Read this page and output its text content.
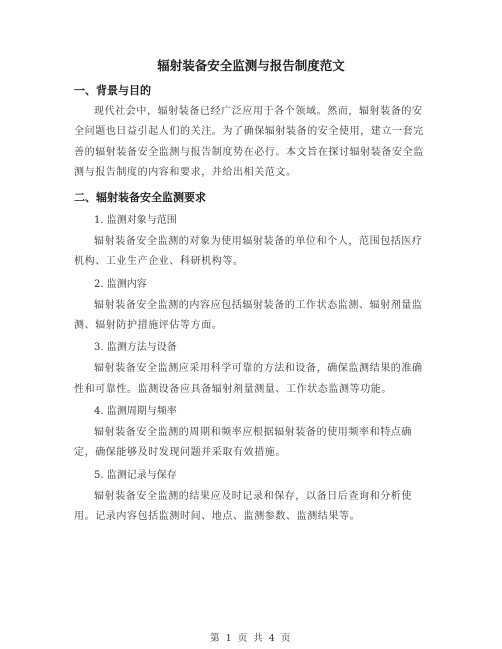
辐射装备安全监测与报告制度范文

一、背景与目的

现代社会中，辐射装备已经广泛应用于各个领域。然而，辐射装备的安全问题也日益引起人们的关注。为了确保辐射装备的安全使用，建立一套完善的辐射装备安全监测与报告制度势在必行。本文旨在探讨辐射装备安全监测与报告制度的内容和要求，并给出相关范文。

二、辐射装备安全监测要求

1. 监测对象与范围

辐射装备安全监测的对象为使用辐射装备的单位和个人，范围包括医疗机构、工业生产企业、科研机构等。

2. 监测内容

辐射装备安全监测的内容应包括辐射装备的工作状态监测、辐射剂量监测、辐射防护措施评估等方面。

3. 监测方法与设备

辐射装备安全监测应采用科学可靠的方法和设备，确保监测结果的准确性和可靠性。监测设备应具备辐射剂量测量、工作状态监测等功能。

4. 监测周期与频率

辐射装备安全监测的周期和频率应根据辐射装备的使用频率和特点确定，确保能够及时发现问题并采取有效措施。

5. 监测记录与保存

辐射装备安全监测的结果应及时记录和保存，以备日后查询和分析使用。记录内容包括监测时间、地点、监测参数、监测结果等。

第 1 页 共 4 页
